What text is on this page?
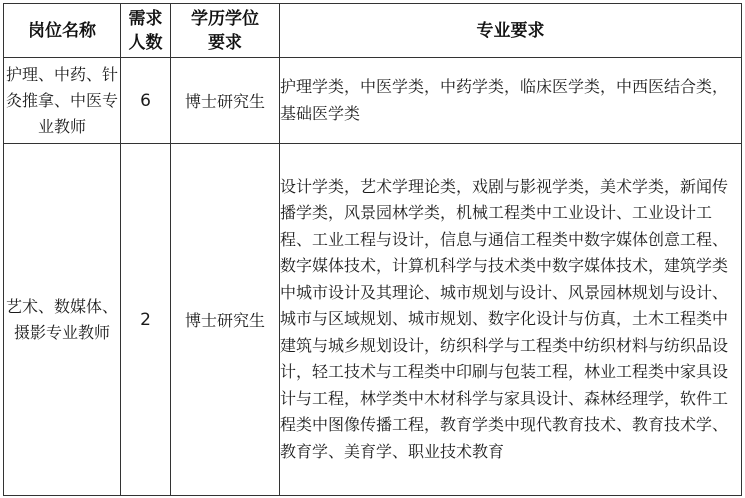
岗位名称	需求人数	学历学位要求	专业要求
护理、中药、针灸推拿、中医专业教师	6	博士研究生	护理学类，中医学类，中药学类，临床医学类，中西医结合类，基础医学类
艺术、数媒体、摄影专业教师	2	博士研究生	设计学类，艺术学理论类，戏剧与影视学类，美术学类，新闻传播学类，风景园林学类，机械工程类中工业设计、工业设计工程、工业工程与设计，信息与通信工程类中数字媒体创意工程、数字媒体技术，计算机科学与技术类中数字媒体技术，建筑学类中城市设计及其理论、城市规划与设计、风景园林规划与设计、城市与区域规划、城市规划、数字化设计与仿真，土木工程类中建筑与城乡规划设计，纺织科学与工程类中纺织材料与纺织品设计，轻工技术与工程类中印刷与包装工程，林业工程类中家具设计与工程，林学类中木材科学与家具设计、森林经理学，软件工程类中图像传播工程，教育学类中现代教育技术、教育技术学、教育学、美育学、职业技术教育
